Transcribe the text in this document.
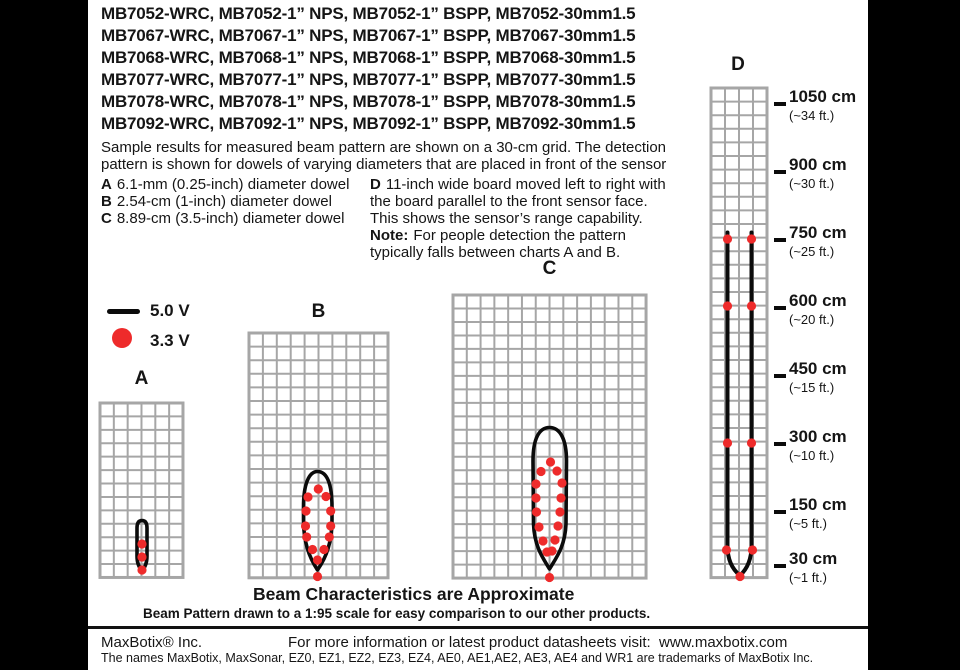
MB7052-WRC, MB7052-1” NPS, MB7052-1” BSPP, MB7052-30mm1.5
MB7067-WRC, MB7067-1” NPS, MB7067-1” BSPP, MB7067-30mm1.5
MB7068-WRC, MB7068-1” NPS, MB7068-1” BSPP, MB7068-30mm1.5
MB7077-WRC, MB7077-1” NPS, MB7077-1” BSPP, MB7077-30mm1.5
MB7078-WRC, MB7078-1” NPS, MB7078-1” BSPP, MB7078-30mm1.5
MB7092-WRC, MB7092-1” NPS, MB7092-1” BSPP, MB7092-30mm1.5
Sample results for measured beam pattern are shown on a 30-cm grid. The detection
pattern is shown for dowels of varying diameters that are placed in front of the sensor
A 6.1-mm (0.25-inch) diameter dowel
B 2.54-cm (1-inch) diameter dowel
C 8.89-cm (3.5-inch) diameter dowel
D 11-inch wide board moved left to right with
the board parallel to the front sensor face.
This shows the sensor’s range capability.
Note: For people detection the pattern
typically falls between charts A and B.
5.0 V
3.3 V
Beam Characteristics are Approximate
Beam Pattern drawn to a 1:95 scale for easy comparison to our other products.
MaxBotix® Inc.	For more information or latest product datasheets visit:  www.maxbotix.com
The names MaxBotix, MaxSonar, EZ0, EZ1, EZ2, EZ3, EZ4, AE0, AE1,AE2, AE3, AE4 and WR1 are trademarks of MaxBotix Inc.
A
B
C
D
1050 cm
(~34 ft.)
900 cm
(~30 ft.)
750 cm
(~25 ft.)
600 cm
(~20 ft.)
450 cm
(~15 ft.)
300 cm
(~10 ft.)
150 cm
(~5 ft.)
30 cm
(~1 ft.)
